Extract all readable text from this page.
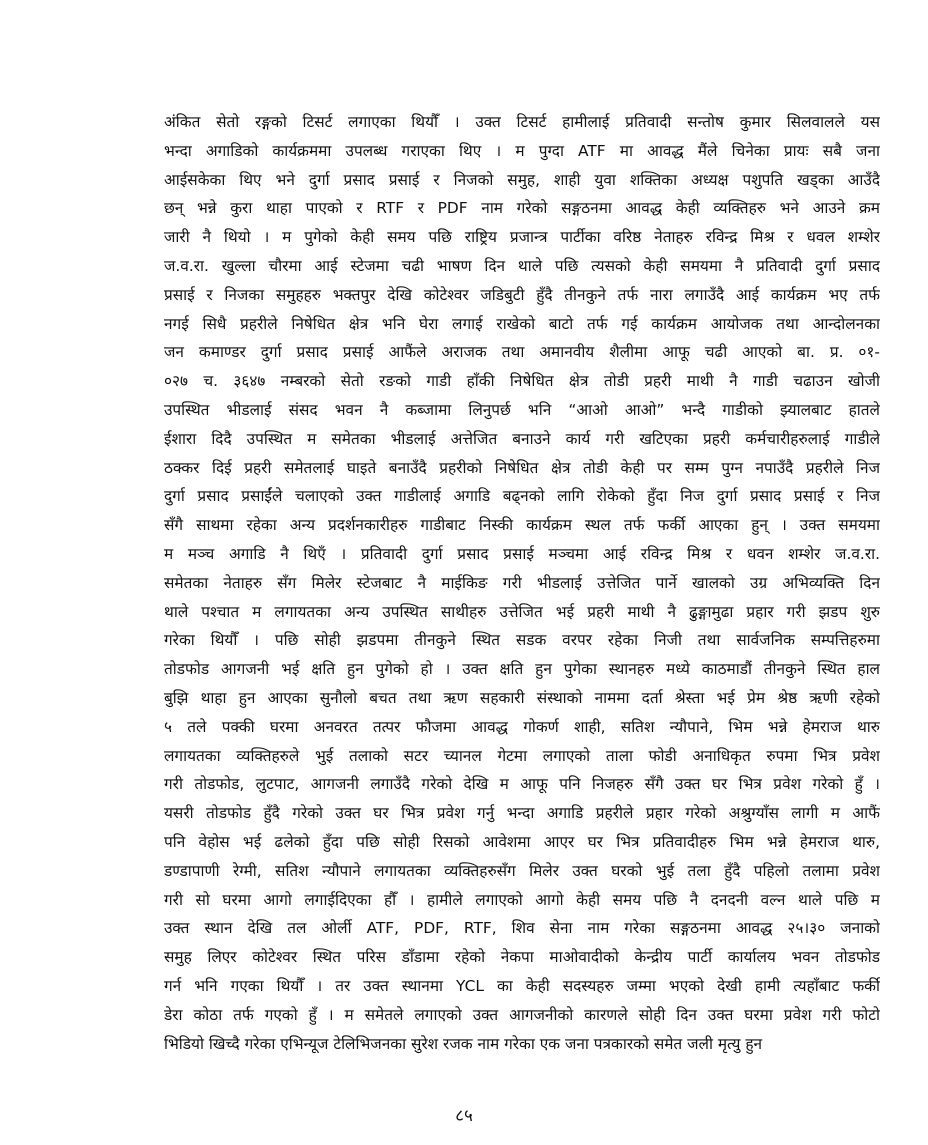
अंकित सेतो रङ्गको टिसर्ट लगाएका थियौँ । उक्त टिसर्ट हामीलाई प्रतिवादी सन्तोष कुमार सिलवालले यस
भन्दा अगाडिको कार्यक्रममा उपलब्ध गराएका थिए । म पुग्दा ATF मा आवद्ध मैंले चिनेका प्रायः सबै जना
आईसकेका थिए भने दुर्गा प्रसाद प्रसाई र निजको समुह, शाही युवा शक्तिका अध्यक्ष पशुपति खड्का आउँदै
छन् भन्ने कुरा थाहा पाएको र RTF र PDF नाम गरेको सङ्गठनमा आवद्ध केही व्यक्तिहरु भने आउने क्रम
जारी नै थियो । म पुगेको केही समय पछि राष्ट्रिय प्रजान्त्र पार्टीका वरिष्ठ नेताहरु रविन्द्र मिश्र र धवल शम्शेर
ज.व.रा. खुल्ला चौरमा आई स्टेजमा चढी भाषण दिन थाले पछि त्यसको केही समयमा नै प्रतिवादी दुर्गा प्रसाद
प्रसाई र निजका समुहहरु भक्तपुर देखि कोटेश्वर जडिबुटी हुँदै तीनकुने तर्फ नारा लगाउँदै आई कार्यक्रम भए तर्फ
नगई सिधै प्रहरीले निषेधित क्षेत्र भनि घेरा लगाई राखेको बाटो तर्फ गई कार्यक्रम आयोजक तथा आन्दोलनका
जन कमाण्डर दुर्गा प्रसाद प्रसाई आफैंले अराजक तथा अमानवीय शैलीमा आफू चढी आएको बा. प्र. ०१-
०२७ च. ३६४७ नम्बरको सेतो रङको गाडी हाँकी निषेधित क्षेत्र तोडी प्रहरी माथी नै गाडी चढाउन खोजी
उपस्थित भीडलाई संसद भवन नै कब्जामा लिनुपर्छ भनि “आओ आओ” भन्दै गाडीको झ्यालबाट हातले
ईशारा दिदै उपस्थित म समेतका भीडलाई अत्तेजित बनाउने कार्य गरी खटिएका प्रहरी कर्मचारीहरुलाई गाडीले
ठक्कर दिई प्रहरी समेतलाई घाइते बनाउँदै प्रहरीको निषेधित क्षेत्र तोडी केही पर सम्म पुग्न नपाउँदै प्रहरीले निज
दुर्गा प्रसाद प्रसाईंले चलाएको उक्त गाडीलाई अगाडि बढ्नको लागि रोकेको हुँदा निज दुर्गा प्रसाद प्रसाई र निज
सँगै साथमा रहेका अन्य प्रदर्शनकारीहरु गाडीबाट निस्की कार्यक्रम स्थल तर्फ फर्की आएका हुन् । उक्त समयमा
म मञ्च अगाडि नै थिएँ । प्रतिवादी दुर्गा प्रसाद प्रसाई मञ्चमा आई रविन्द्र मिश्र र धवन शम्शेर ज.व.रा.
समेतका नेताहरु सँग मिलेर स्टेजबाट नै माईकिङ गरी भीडलाई उत्तेजित पार्ने खालको उग्र अभिव्यक्ति दिन
थाले पश्चात म लगायतका अन्य उपस्थित साथीहरु उत्तेजित भई प्रहरी माथी नै ढुङ्गामुढा प्रहार गरी झडप शुरु
गरेका थियौँ । पछि सोही झडपमा तीनकुने स्थित सडक वरपर रहेका निजी तथा सार्वजनिक सम्पत्तिहरुमा
तोडफोड आगजनी भई क्षति हुन पुगेको हो । उक्त क्षति हुन पुगेका स्थानहरु मध्ये काठमाडौं तीनकुने स्थित हाल
बुझि थाहा हुन आएका सुनौलो बचत तथा ऋण सहकारी संस्थाको नाममा दर्ता श्रेस्ता भई प्रेम श्रेष्ठ ऋणी रहेको
५ तले पक्की घरमा अनवरत तत्पर फौजमा आवद्ध गोकर्ण शाही, सतिश न्यौपाने, भिम भन्ने हेमराज थारु
लगायतका व्यक्तिहरुले भुई तलाको सटर च्यानल गेटमा लगाएको ताला फोडी अनाधिकृत रुपमा भित्र प्रवेश
गरी तोडफोड, लुटपाट, आगजनी लगाउँदै गरेको देखि म आफू पनि निजहरु सँगै उक्त घर भित्र प्रवेश गरेको हुँ ।
यसरी तोडफोड हुँदै गरेको उक्त घर भित्र प्रवेश गर्नु भन्दा अगाडि प्रहरीले प्रहार गरेको अश्रुग्याँस लागी म आफैं
पनि वेहोस भई ढलेको हुँदा पछि सोही रिसको आवेशमा आएर घर भित्र प्रतिवादीहरु भिम भन्ने हेमराज थारु,
डण्डापाणी रेग्मी, सतिश न्यौपाने लगायतका व्यक्तिहरुसँग मिलेर उक्त घरको भुई तला हुँदै पहिलो तलामा प्रवेश
गरी सो घरमा आगो लगाईदिएका हौँ । हामीले लगाएको आगो केही समय पछि नै दनदनी वल्न थाले पछि म
उक्त स्थान देखि तल ओर्ली ATF, PDF, RTF, शिव सेना नाम गरेका सङ्गठनमा आवद्ध २५।३० जनाको
समुह लिएर कोटेश्वर स्थित परिस डाँडामा रहेको नेकपा माओवादीको केन्द्रीय पार्टी कार्यालय भवन तोडफोड
गर्न भनि गएका थियौँ । तर उक्त स्थानमा YCL का केही सदस्यहरु जम्मा भएको देखी हामी त्यहाँबाट फर्की
डेरा कोठा तर्फ गएको हुँ । म समेतले लगाएको उक्त आगजनीको कारणले सोही दिन उक्त घरमा प्रवेश गरी फोटो
भिडियो खिच्दै गरेका एभिन्यूज टेलिभिजनका सुरेश रजक नाम गरेका एक जना पत्रकारको समेत जली मृत्यु हुन
८५
